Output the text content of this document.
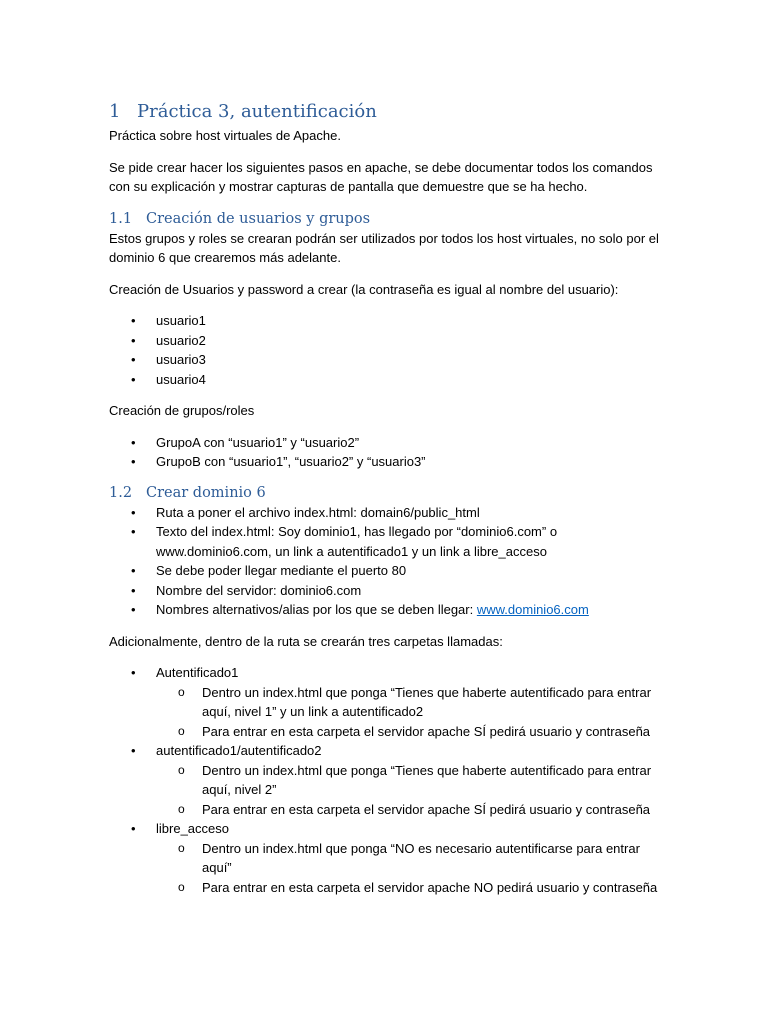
1 Práctica 3, autentificación

Práctica sobre host virtuales de Apache.

Se pide crear hacer los siguientes pasos en apache, se debe documentar todos los comandos con su explicación y mostrar capturas de pantalla que demuestre que se ha hecho.

1.1 Creación de usuarios y grupos

Estos grupos y roles se crearan podrán ser utilizados por todos los host virtuales, no solo por el dominio 6 que crearemos más adelante.

Creación de Usuarios y password a crear (la contraseña es igual al nombre del usuario):

• usuario1
• usuario2
• usuario3
• usuario4

Creación de grupos/roles

• GrupoA con “usuario1” y “usuario2”
• GrupoB con “usuario1”, “usuario2” y “usuario3”
1.2 Crear dominio 6
• Ruta a poner el archivo index.html: domain6/public_html
• Texto del index.html: Soy dominio1, has llegado por “dominio6.com” o www.dominio6.com, un link a autentificado1 y un link a libre_acceso
• Se debe poder llegar mediante el puerto 80
• Nombre del servidor: dominio6.com
• Nombres alternativos/alias por los que se deben llegar: www.dominio6.com

Adicionalmente, dentro de la ruta se crearán tres carpetas llamadas:

• Autentificado1
o Dentro un index.html que ponga “Tienes que haberte autentificado para entrar aquí, nivel 1” y un link a autentificado2
o Para entrar en esta carpeta el servidor apache SÍ pedirá usuario y contraseña
• autentificado1/autentificado2
o Dentro un index.html que ponga “Tienes que haberte autentificado para entrar aquí, nivel 2”
o Para entrar en esta carpeta el servidor apache SÍ pedirá usuario y contraseña
• libre_acceso
o Dentro un index.html que ponga “NO es necesario autentificarse para entrar aquí”
o Para entrar en esta carpeta el servidor apache NO pedirá usuario y contraseña
